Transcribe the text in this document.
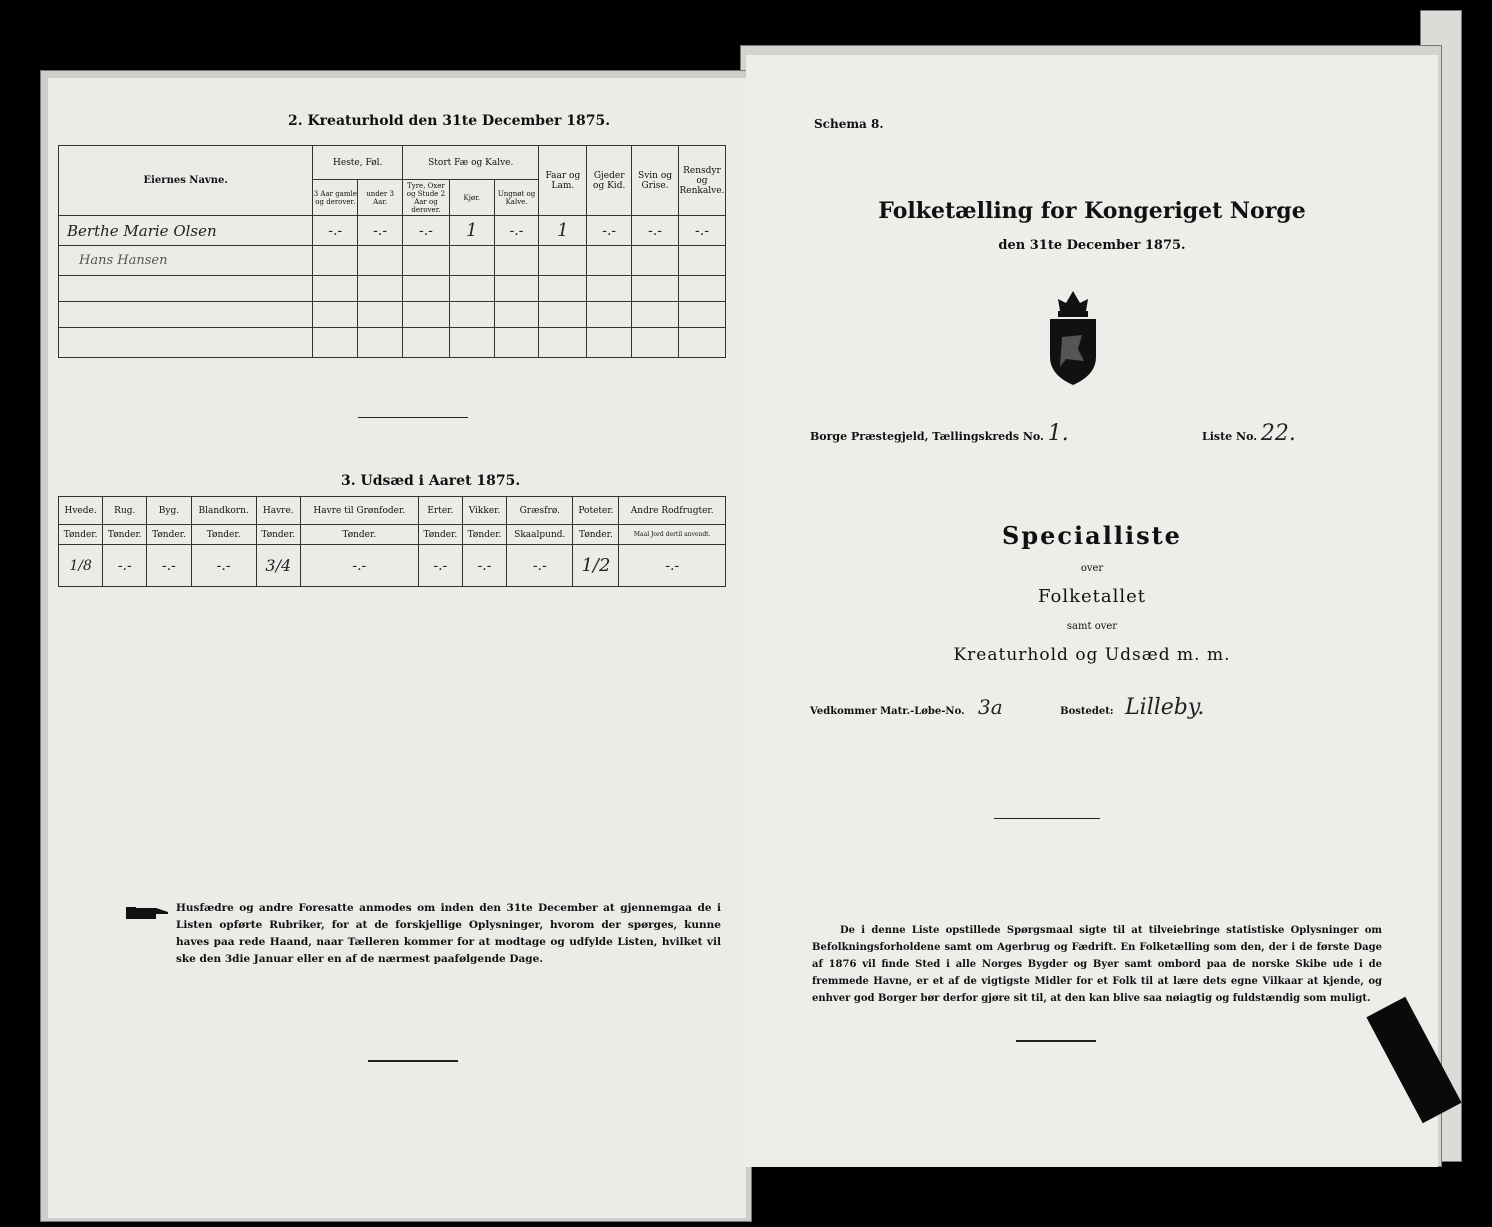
2. Kreaturhold den 31te December 1875.
Eiernes Navne.	Heste, Føl.		Stort Fæ og Kalve.			Faar og Lam.	Gjeder og Kid.	Svin og Grise.	Rensdyr og Renkalve.
	3 Aar gamle og derover.	under 3 Aar.	Tyre, Oxer og Stude 2 Aar og derover.	Kjør.	Ungnøt og Kalve.				
Berthe Marie Olsen	-.-	-.-	-.-	1	-.-	1	-.-	-.-	-.-
Hans Hansen									

3. Udsæd i Aaret 1875.
Hvede.	Rug.	Byg.	Blandkorn.	Havre.	Havre til Grønfoder.	Erter.	Vikker.	Græsfrø.	Poteter.	Andre Rodfrugter.
Tønder.	Tønder.	Tønder.	Tønder.	Tønder.	Tønder.	Tønder.	Tønder.	Skaalpund.	Tønder.	Maal Jord dertil anvendt.
1/8	-.-	-.-	-.-	3/4	-.-	-.-	-.-	-.-	1/2	-.-
Husfædre og andre Foresatte anmodes om inden den 31te December at gjennemgaa de i Listen opførte Rubriker, for at de forskjellige Oplysninger, hvorom der spørges, kunne haves paa rede Haand, naar Tælleren kommer for at modtage og udfylde Listen, hvilket vil ske den 3die Januar eller en af de nærmest paafølgende Dage.
Schema 8.
Folketælling for Kongeriget Norge
den 31te December 1875.
Borge Præstegjeld, Tællingskreds No. 1.	Liste No. 22.
Specialliste
over
Folketallet
samt over
Kreaturhold og Udsæd m. m.
Vedkommer Matr.-Løbe-No. 3a	Bostedet: Lilleby.
De i denne Liste opstillede Spørgsmaal sigte til at tilveiebringe statistiske Oplysninger om Befolkningsforholdene samt om Agerbrug og Fædrift. En Folketælling som den, der i de første Dage af 1876 vil finde Sted i alle Norges Bygder og Byer samt ombord paa de norske Skibe ude i de fremmede Havne, er et af de vigtigste Midler for et Folk til at lære dets egne Vilkaar at kjende, og enhver god Borger bør derfor gjøre sit til, at den kan blive saa nøiagtig og fuldstændig som muligt.
